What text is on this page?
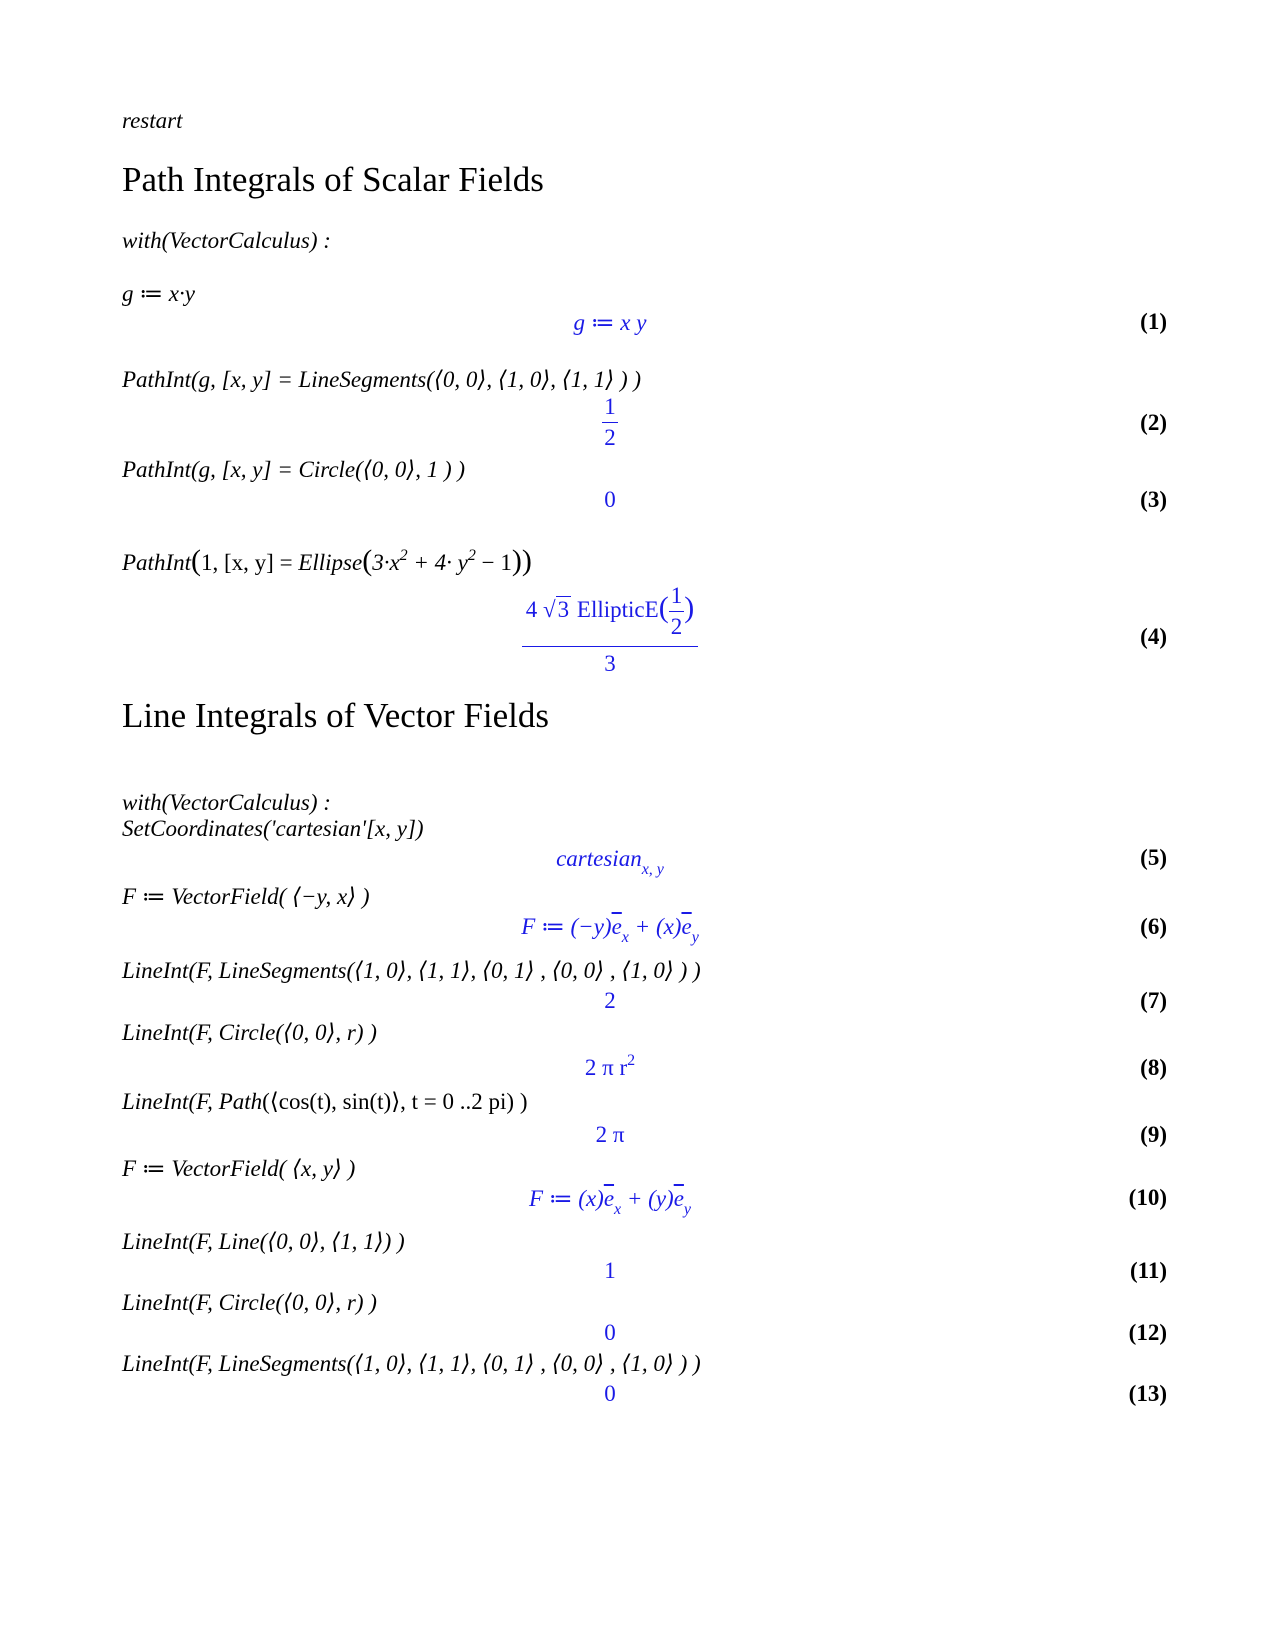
restart
Path Integrals of Scalar Fields
with(VectorCalculus) :
g ≔ x·y
g ≔ x y	(1)
PathInt(g, [x, y] = LineSegments(⟨0, 0⟩, ⟨1, 0⟩, ⟨1, 1⟩ ) )
$\frac{1}{2}$	(2)
PathInt(g, [x, y] = Circle(⟨0, 0⟩, 1 ) )
0	(3)
PathInt(1, [x, $y] = Ellipse(3\cdot x^2 + 4\cdot y^2 - 1)$)
$\frac{4 √3 EllipticE( \frac{1}{2} )}{3}$	(4)
Line Integrals of Vector Fields
with(VectorCalculus) :
SetCoordinates('cartesian'[x, y])
cartesian$_{x, y}$	(5)
F ≔ VectorField( ⟨−y, x⟩ )
F ≔ $(-y)\overline{e}_x + (x)\overline{e}_y$	(6)
LineInt(F, LineSegments(⟨1, 0⟩, ⟨1, 1⟩, ⟨0, 1⟩ , ⟨0, 0⟩ , ⟨1, 0⟩ ) )
2	(7)
LineInt(F, Circle(⟨0, 0⟩, r) )
2 π $r^2$	(8)
LineInt(F, Path(⟨cos(t), sin(t)⟩, t = 0 ..2 pi) )
2 π	(9)
F ≔ VectorField( ⟨x, y⟩ )
F ≔ $(x)\overline{e}_x + (y)\overline{e}_y$	(10)
LineInt(F, Line(⟨0, 0⟩, ⟨1, 1⟩) )
1	(11)
LineInt(F, Circle(⟨0, 0⟩, r) )
0	(12)
LineInt(F, LineSegments(⟨1, 0⟩, ⟨1, 1⟩, ⟨0, 1⟩ , ⟨0, 0⟩ , ⟨1, 0⟩ ) )
0	(13)
